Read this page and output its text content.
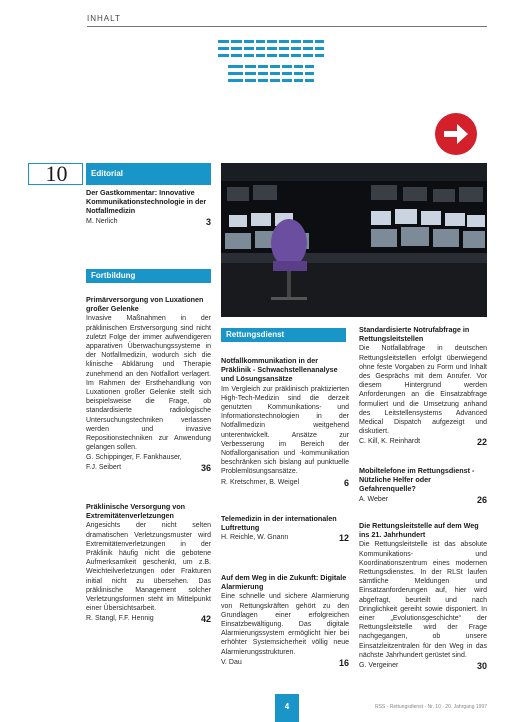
INHALT
10	Editorial
Der Gastkommentar: Innovative Kommunikationstechnologie in der Notfallmedizin
M. Nerlich	3
Fortbildung
Primärversorgung von Luxationen großer Gelenke
Invasive Maßnahmen in der präklinischen Erstversorgung sind nicht zuletzt Folge der immer aufwendigeren apparativen Überwachungssysteme in der Notfallmedizin, wodurch sich die klinische Abklärung und Therapie zunehmend an den Notfallort verlagert. Im Rahmen der Ersthehandlung von Luxationen großer Gelenke stellt sich beispielsweise die Frage, ob standardisierte radiologische Untersuchungstechniken verlassen werden und invasive Repositionstechniken zur Anwendung gelangen sollen.
G. Schippinger, F. Fankhauser, F.J. Seibert	36
Präklinische Versorgung von Extremitätenverletzungen
Angesichts der nicht selten dramatischen Verletzungsmuster wird Extremitätenverletzungen in der Präklinik häufig nicht die gebotene Aufmerksamkeit geschenkt, um z.B. Weichteilverletzungen oder Frakturen initial nicht zu übersehen. Das präklinische Management solcher Verletzungsformen steht im Mittelpunkt einer Übersichtsarbeit.
R. Stangl, F.F. Hennig	42
Rettungsdienst
Notfallkommunikation in der Präklinik - Schwachstellenanalyse und Lösungsansätze
Im Vergleich zur präklinisch praktizierten High-Tech-Medizin sind die derzeit genutzten Kommunikations- und Informationstechnologien in der Notfallmedizin weitgehend unterentwickelt. Ansätze zur Verbesserung im Bereich der Notfallorganisation und -kommunikation beschränken sich bislang auf punktuelle Problemlösungsansätze.
R. Kretschmer, B. Weigel	6
Telemedizin in der internationalen Luftrettung
H. Reichle, W. Gnann	12
Auf dem Weg in die Zukunft: Digitale Alarmierung
Eine schnelle und sichere Alarmierung von Rettungskräften gehört zu den Grundlagen einer erfolgreichen Einsatzbewältigung. Das digitale Alarmierungssystem ermöglicht hier bei erhöhter Systemsicherheit völlig neue Alarmierungsstrukturen.
V. Dau	16
Standardisierte Notrufabfrage in Rettungsleitstellen
Die Notfallabfrage in deutschen Rettungsleitstellen erfolgt überwiegend ohne feste Vorgaben zu Form und Inhalt des Gesprächs mit dem Anrufer. Vor diesem Hintergrund werden Anforderungen an die Einsatzabfrage formuliert und die Umsetzung anhand des Leitstellensystems Advanced Medical Dispatch aufgezeigt und diskutiert.
C. Kill, K. Reinhardt	22
Mobiltelefone im Rettungsdienst - Nützliche Helfer oder Gefahrenquelle?
A. Weber	26
Die Rettungsleitstelle auf dem Weg ins 21. Jahrhundert
Die Rettungsleitstelle ist das absolute Kommunikations- und Koordinationszentrum eines modernen Rettungsdienstes. In der RLSt laufen sämtliche Meldungen und Einsatzanforderungen auf, hier wird abgefragt, beurteilt und nach Dringlichkeit gereiht sowie disponiert. In einer „Evolutionsgeschichte“ der Rettungsleitstelle wird der Frage nachgegangen, ob unsere Einsatzleitzentralen für den Weg in das nächste Jahrhundert gerüstet sind.
G. Vergeiner	30
4	RSS · Rettungsdienst · Nr. 10 · 20. Jahrgang 1997
